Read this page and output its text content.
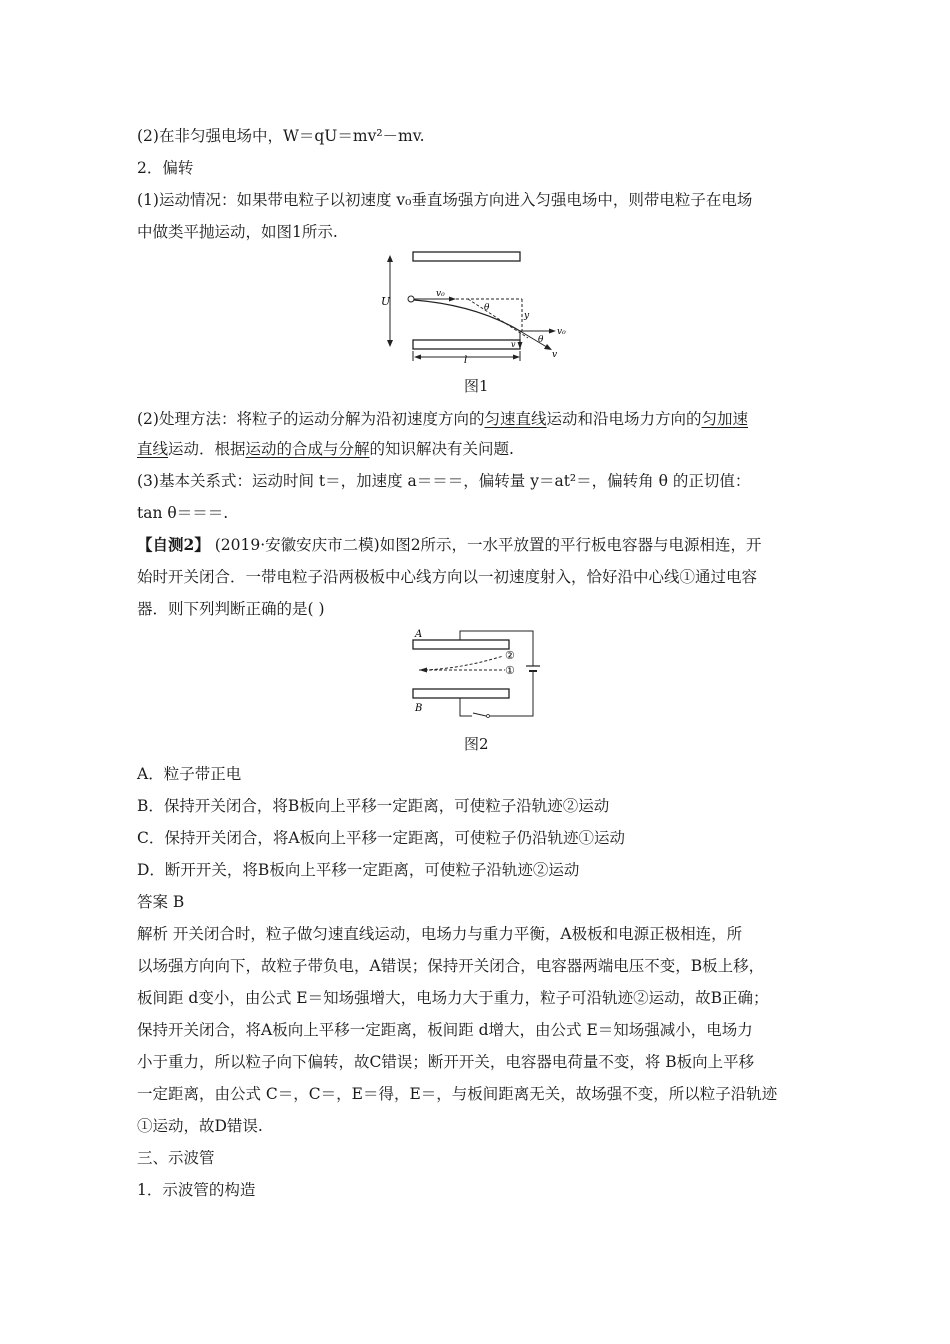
(2)在非匀强电场中，W＝qU＝mv²－mv.
2．偏转
(1)运动情况：如果带电粒子以初速度 v₀垂直场强方向进入匀强电场中，则带电粒子在电场
中做类平抛运动，如图1所示.
U
v₀
θ
y
v₀
θ
v
v
l
图1
(2)处理方法：将粒子的运动分解为沿初速度方向的匀速直线运动和沿电场力方向的匀加速
直线运动．根据运动的合成与分解的知识解决有关问题.
(3)基本关系式：运动时间 t＝，加速度 a＝＝＝，偏转量 y＝at²＝，偏转角 θ 的正切值：
tan θ＝＝＝.
【自测2】 (2019·安徽安庆市二模)如图2所示，一水平放置的平行板电容器与电源相连，开
始时开关闭合．一带电粒子沿两极板中心线方向以一初速度射入，恰好沿中心线①通过电容
器．则下列判断正确的是( )
A
B
②
①
图2
A．粒子带正电
B．保持开关闭合，将B板向上平移一定距离，可使粒子沿轨迹②运动
C．保持开关闭合，将A板向上平移一定距离，可使粒子仍沿轨迹①运动
D．断开开关，将B板向上平移一定距离，可使粒子沿轨迹②运动
答案 B
解析 开关闭合时，粒子做匀速直线运动，电场力与重力平衡，A极板和电源正极相连，所
以场强方向向下，故粒子带负电，A错误；保持开关闭合，电容器两端电压不变，B板上移，
板间距 d变小，由公式 E＝知场强增大，电场力大于重力，粒子可沿轨迹②运动，故B正确；
保持开关闭合，将A板向上平移一定距离，板间距 d增大，由公式 E＝知场强减小，电场力
小于重力，所以粒子向下偏转，故C错误；断开开关，电容器电荷量不变，将 B板向上平移
一定距离，由公式 C＝，C＝，E＝得，E＝，与板间距离无关，故场强不变，所以粒子沿轨迹
①运动，故D错误.
三、示波管
1．示波管的构造
